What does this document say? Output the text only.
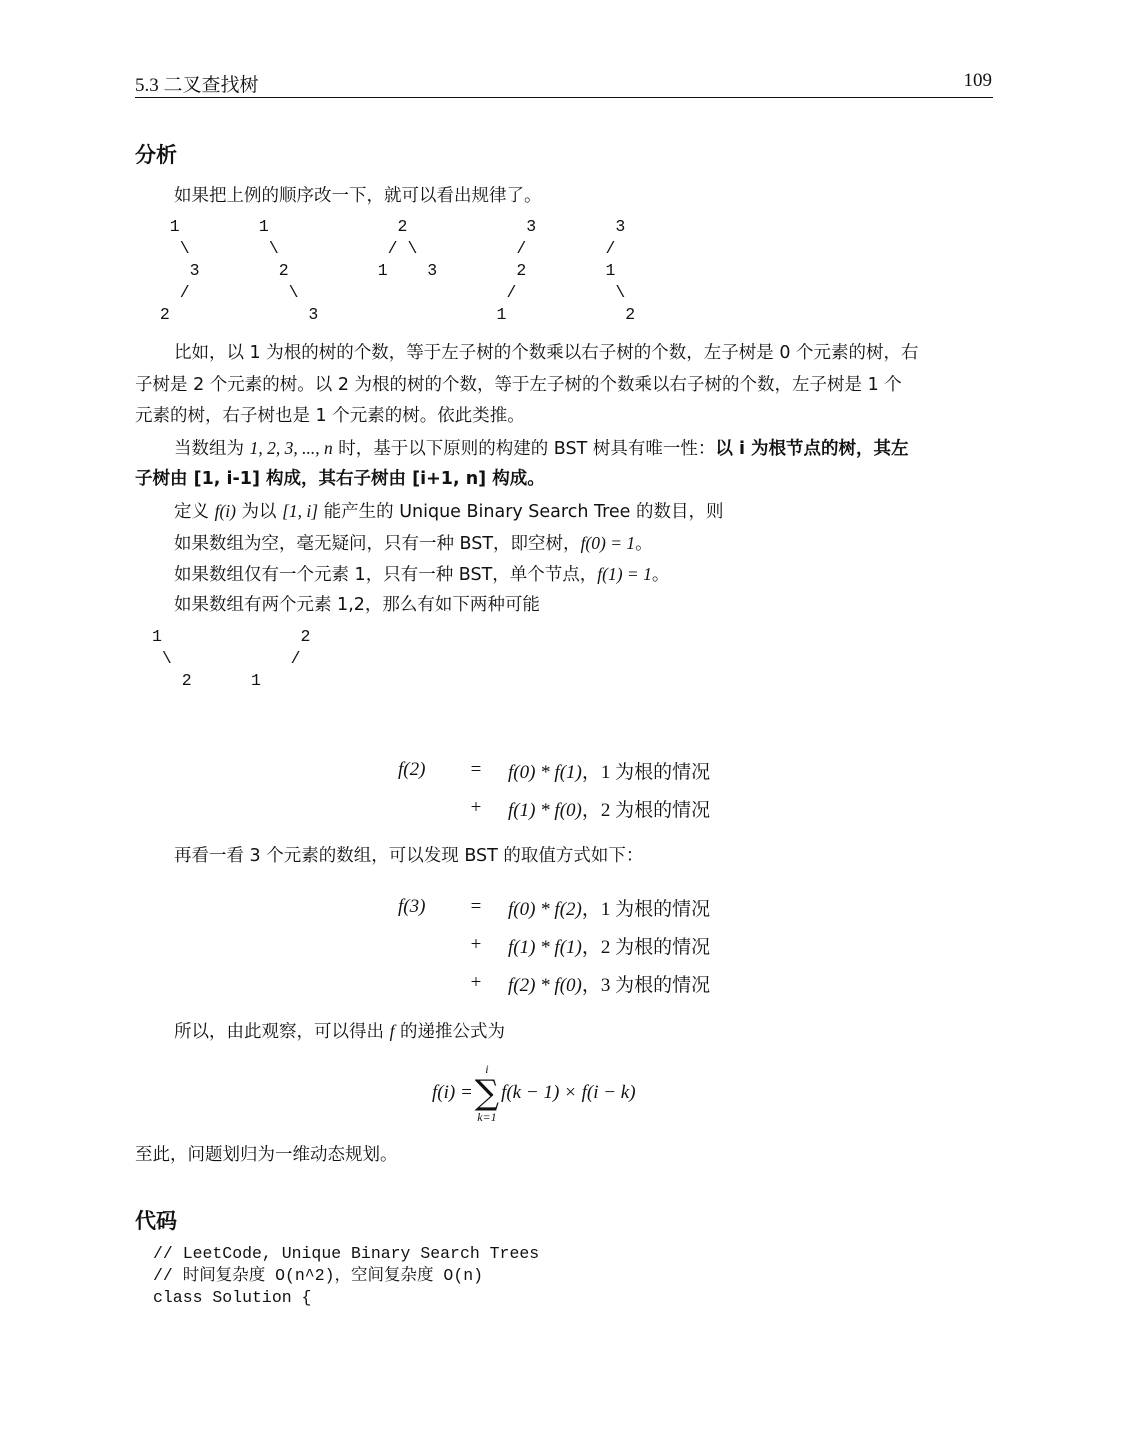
5.3 二叉查找树	109
分析
如果把上例的顺序改一下，就可以看出规律了。
1        1             2            3        3
\        \           / \          /        /
3        2         1    3        2        1
/          \                     /          \
2              3                  1            2
比如，以 1 为根的树的个数，等于左子树的个数乘以右子树的个数，左子树是 0 个元素的树，右
子树是 2 个元素的树。以 2 为根的树的个数，等于左子树的个数乘以右子树的个数，左子树是 1 个
元素的树，右子树也是 1 个元素的树。依此类推。
当数组为 1, 2, 3, ..., n 时，基于以下原则的构建的 BST 树具有唯一性：以 i 为根节点的树，其左
子树由 [1, i-1] 构成，其右子树由 [i+1, n] 构成。
定义 f(i) 为以 [1, i] 能产生的 Unique Binary Search Tree 的数目，则
如果数组为空，毫无疑问，只有一种 BST，即空树，f(0) = 1。
如果数组仅有一个元素 1，只有一种 BST，单个节点，f(1) = 1。
如果数组有两个元素 1,2，那么有如下两种可能
1              2
\            /
2      1
f(2)	=	f(0) * f(1)，1 为根的情况
	+	f(1) * f(0)，2 为根的情况
再看一看 3 个元素的数组，可以发现 BST 的取值方式如下：
f(3)	=	f(0) * f(2)，1 为根的情况
	+	f(1) * f(1)，2 为根的情况
	+	f(2) * f(0)，3 为根的情况
所以，由此观察，可以得出 f 的递推公式为
f(i) =
i
∑
k=1
f(k − 1) × f(i − k)
至此，问题划归为一维动态规划。
代码
// LeetCode, Unique Binary Search Trees
// 时间复杂度 O(n^2)，空间复杂度 O(n)
class Solution {
